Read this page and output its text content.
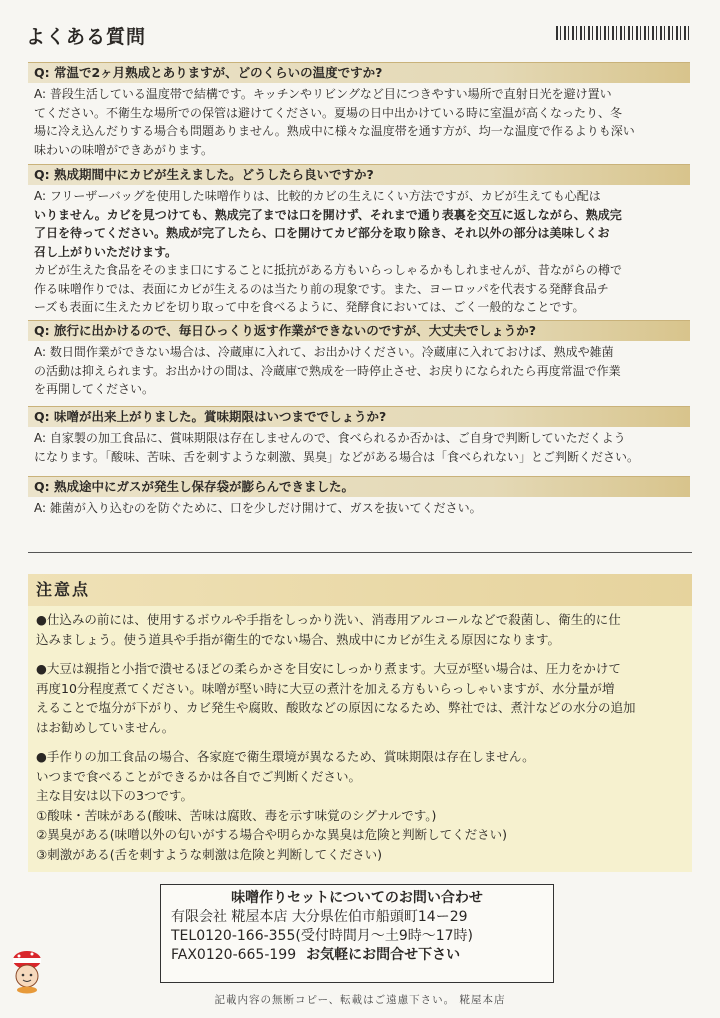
よくある質問
Q: 常温で2ヶ月熟成とありますが、どのくらいの温度ですか?
A: 普段生活している温度帯で結構です。キッチンやリビングなど目につきやすい場所で直射日光を避け置い
てください。不衛生な場所での保管は避けてください。夏場の日中出かけている時に室温が高くなったり、冬
場に冷え込んだりする場合も問題ありません。熟成中に様々な温度帯を通す方が、均一な温度で作るよりも深い
味わいの味噌ができあがります。
Q: 熟成期間中にカビが生えました。どうしたら良いですか?
A: フリーザーバッグを使用した味噌作りは、比較的カビの生えにくい方法ですが、カビが生えても心配は
いりません。カビを見つけても、熟成完了までは口を開けず、それまで通り表裏を交互に返しながら、熟成完
了日を待ってください。熟成が完了したら、口を開けてカビ部分を取り除き、それ以外の部分は美味しくお
召し上がりいただけます。
カビが生えた食品をそのまま口にすることに抵抗がある方もいらっしゃるかもしれませんが、昔ながらの樽で
作る味噌作りでは、表面にカビが生えるのは当たり前の現象です。また、ヨーロッパを代表する発酵食品チ
ーズも表面に生えたカビを切り取って中を食べるように、発酵食においては、ごく一般的なことです。
Q: 旅行に出かけるので、毎日ひっくり返す作業ができないのですが、大丈夫でしょうか?
A: 数日間作業ができない場合は、冷蔵庫に入れて、お出かけください。冷蔵庫に入れておけば、熟成や雑菌
の活動は抑えられます。お出かけの間は、冷蔵庫で熟成を一時停止させ、お戻りになられたら再度常温で作業
を再開してください。
Q: 味噌が出来上がりました。賞味期限はいつまででしょうか?
A: 自家製の加工食品に、賞味期限は存在しませんので、食べられるか否かは、ご自身で判断していただくよう
になります。「酸味、苦味、舌を刺すような刺激、異臭」などがある場合は「食べられない」とご判断ください。
Q: 熟成途中にガスが発生し保存袋が膨らんできました。
A: 雑菌が入り込むのを防ぐために、口を少しだけ開けて、ガスを抜いてください。
注意点
●仕込みの前には、使用するボウルや手指をしっかり洗い、消毒用アルコールなどで殺菌し、衛生的に仕
込みましょう。使う道具や手指が衛生的でない場合、熟成中にカビが生える原因になります。
●大豆は親指と小指で潰せるほどの柔らかさを目安にしっかり煮ます。大豆が堅い場合は、圧力をかけて
再度10分程度煮てください。味噌が堅い時に大豆の煮汁を加える方もいらっしゃいますが、水分量が増
えることで塩分が下がり、カビ発生や腐敗、酸敗などの原因になるため、弊社では、煮汁などの水分の追加
はお勧めしていません。
●手作りの加工食品の場合、各家庭で衛生環境が異なるため、賞味期限は存在しません。
いつまで食べることができるかは各自でご判断ください。
主な目安は以下の3つです。
①酸味・苦味がある(酸味、苦味は腐敗、毒を示す味覚のシグナルです。)
②異臭がある(味噌以外の匂いがする場合や明らかな異臭は危険と判断してください)
③刺激がある(舌を刺すような刺激は危険と判断してください)
味噌作りセットについてのお問い合わせ
有限会社 糀屋本店 大分県佐伯市船頭町14ー29
TEL0120-166-355(受付時間月〜土9時〜17時)
FAX0120-665-199 お気軽にお問合せ下さい
記載内容の無断コピー、転載はご遠慮下さい。 糀屋本店
